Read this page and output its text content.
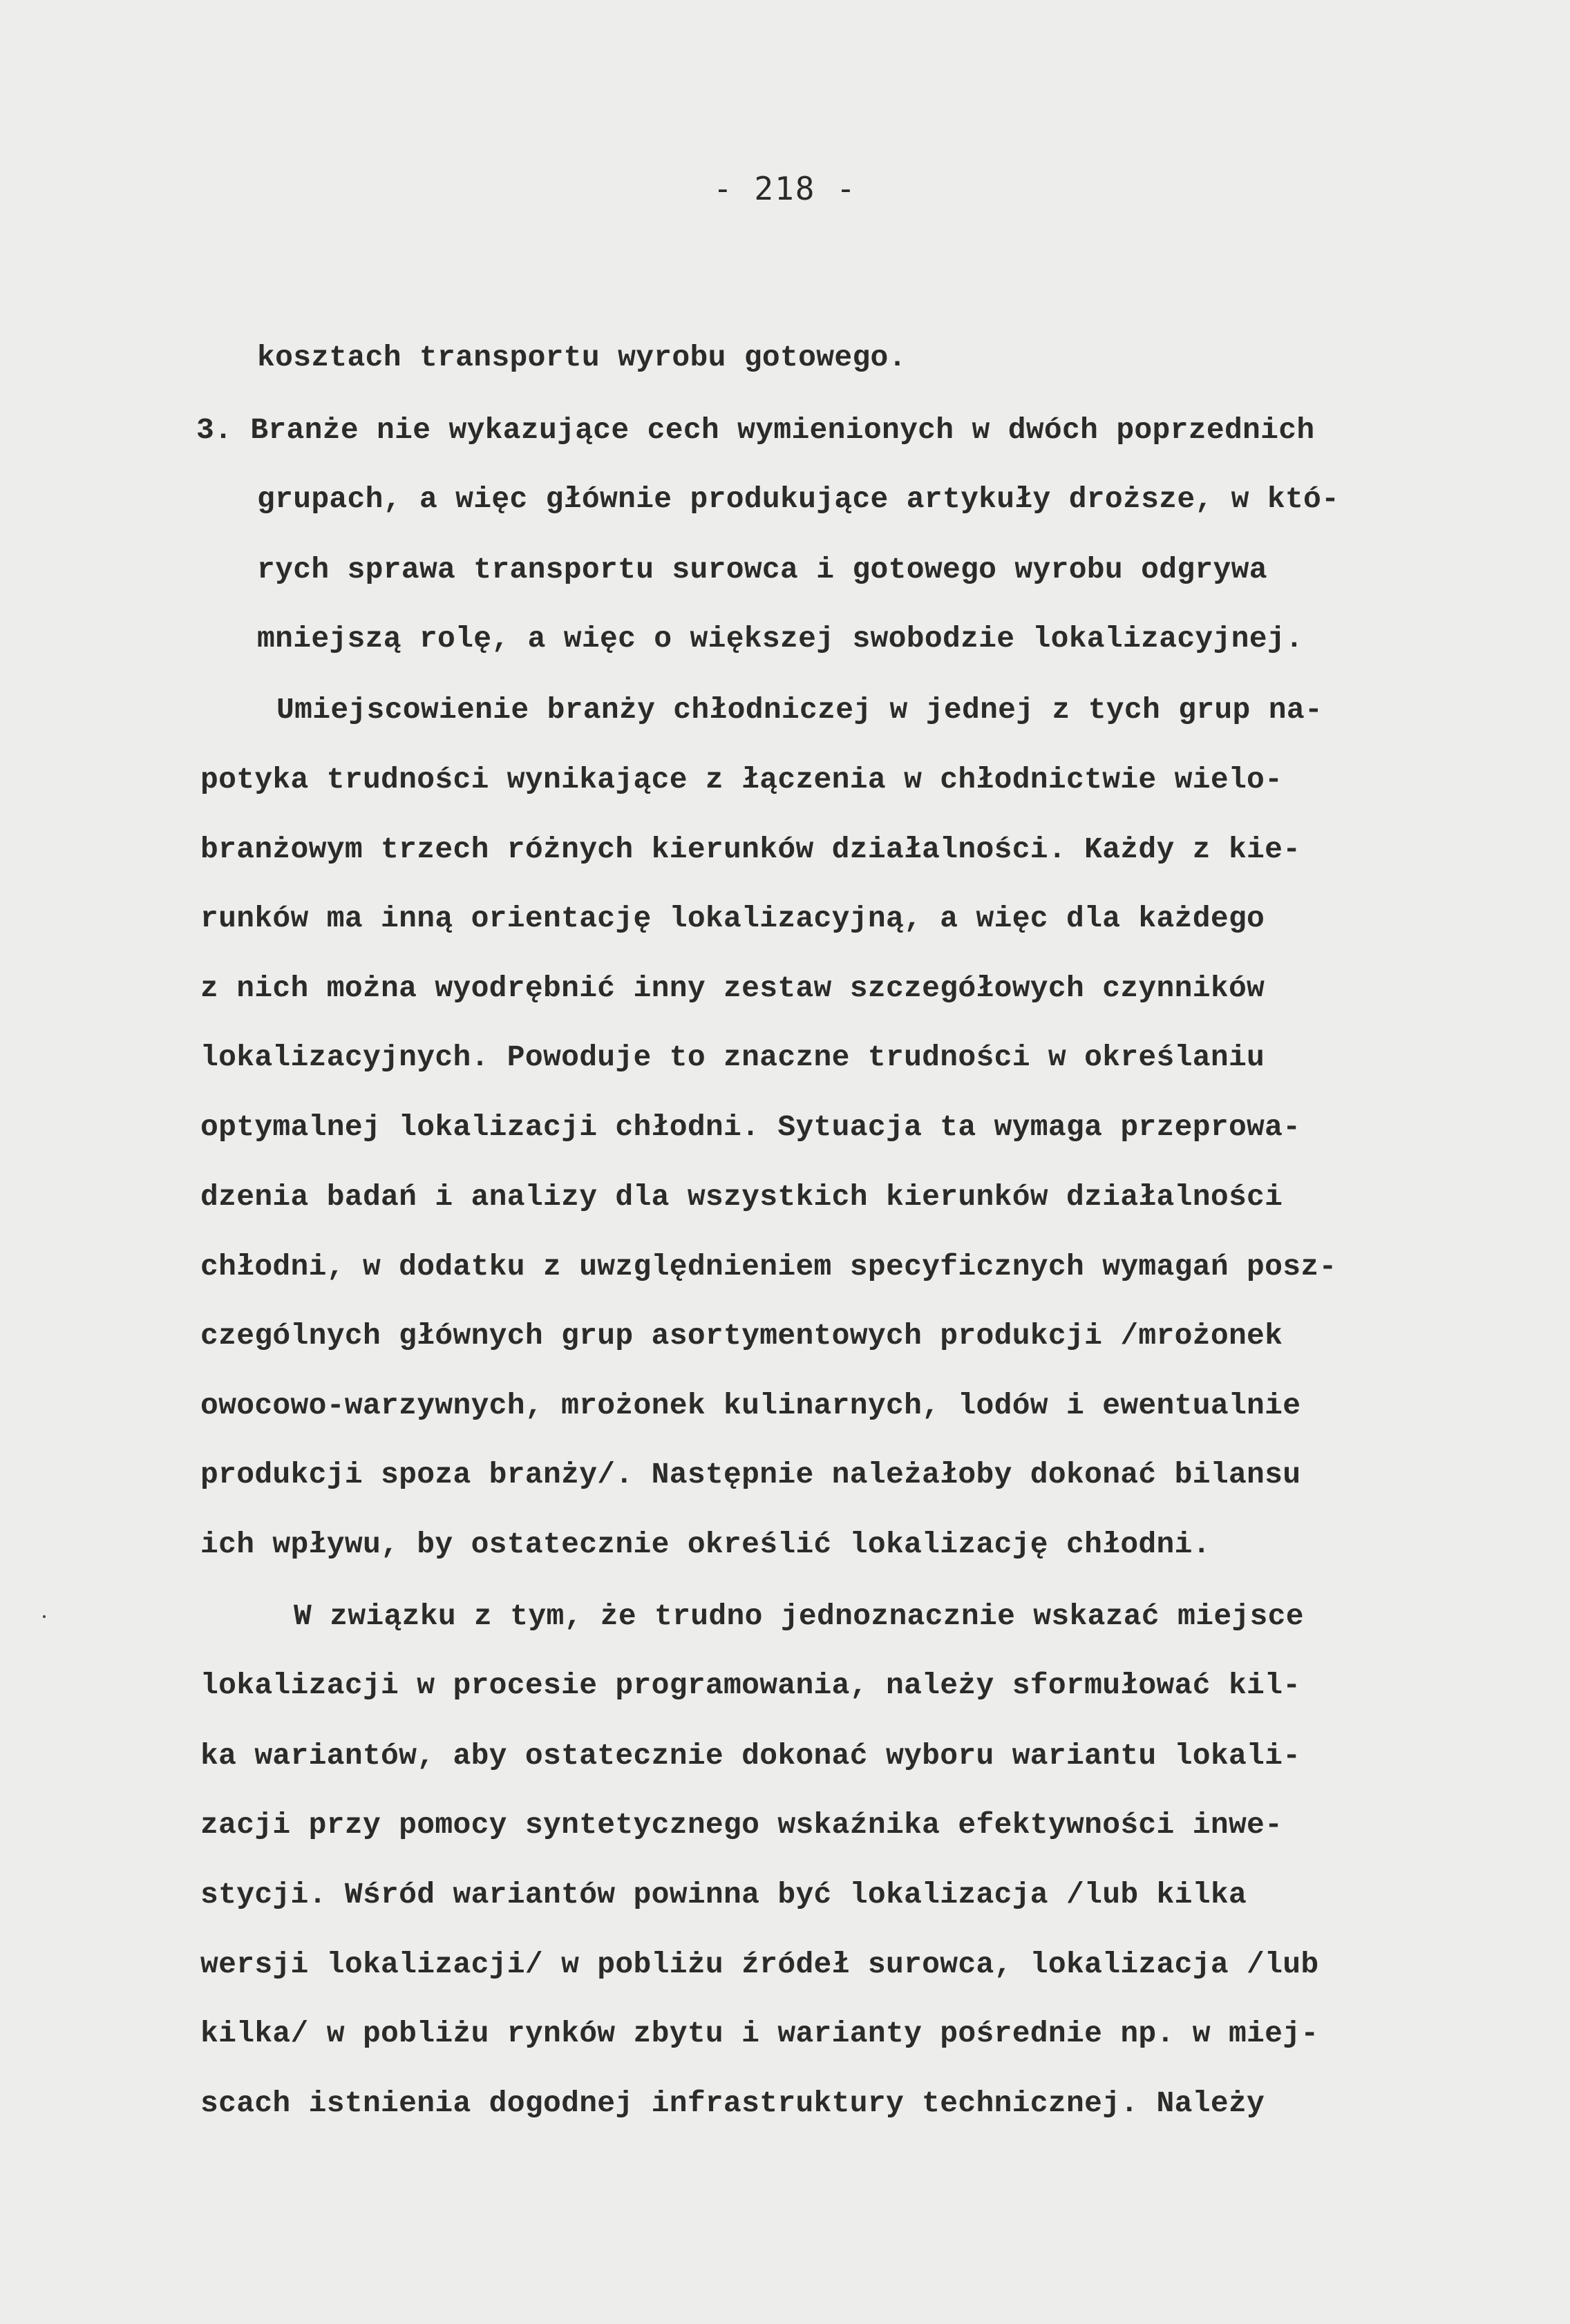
- 218 -
kosztach transportu wyrobu gotowego.
3. Branże nie wykazujące cech wymienionych w dwóch poprzednich
grupach, a więc głównie produkujące artykuły droższe, w któ-
rych sprawa transportu surowca i gotowego wyrobu odgrywa
mniejszą rolę, a więc o większej swobodzie lokalizacyjnej.
Umiejscowienie branży chłodniczej w jednej z tych grup na-
potyka trudności wynikające z łączenia w chłodnictwie wielo-
branżowym trzech różnych kierunków działalności. Każdy z kie-
runków ma inną orientację lokalizacyjną, a więc dla każdego
z nich można wyodrębnić inny zestaw szczegółowych czynników
lokalizacyjnych. Powoduje to znaczne trudności w określaniu
optymalnej lokalizacji chłodni. Sytuacja ta wymaga przeprowa-
dzenia badań i analizy dla wszystkich kierunków działalności
chłodni, w dodatku z uwzględnieniem specyficznych wymagań posz-
czególnych głównych grup asortymentowych produkcji /mrożonek
owocowo-warzywnych, mrożonek kulinarnych, lodów i ewentualnie
produkcji spoza branży/. Następnie należałoby dokonać bilansu
ich wpływu, by ostatecznie określić lokalizację chłodni.
W związku z tym, że trudno jednoznacznie wskazać miejsce
lokalizacji w procesie programowania, należy sformułować kil-
ka wariantów, aby ostatecznie dokonać wyboru wariantu lokali-
zacji przy pomocy syntetycznego wskaźnika efektywności inwe-
stycji. Wśród wariantów powinna być lokalizacja /lub kilka
wersji lokalizacji/ w pobliżu źródeł surowca, lokalizacja /lub
kilka/ w pobliżu rynków zbytu i warianty pośrednie np. w miej-
scach istnienia dogodnej infrastruktury technicznej. Należy
